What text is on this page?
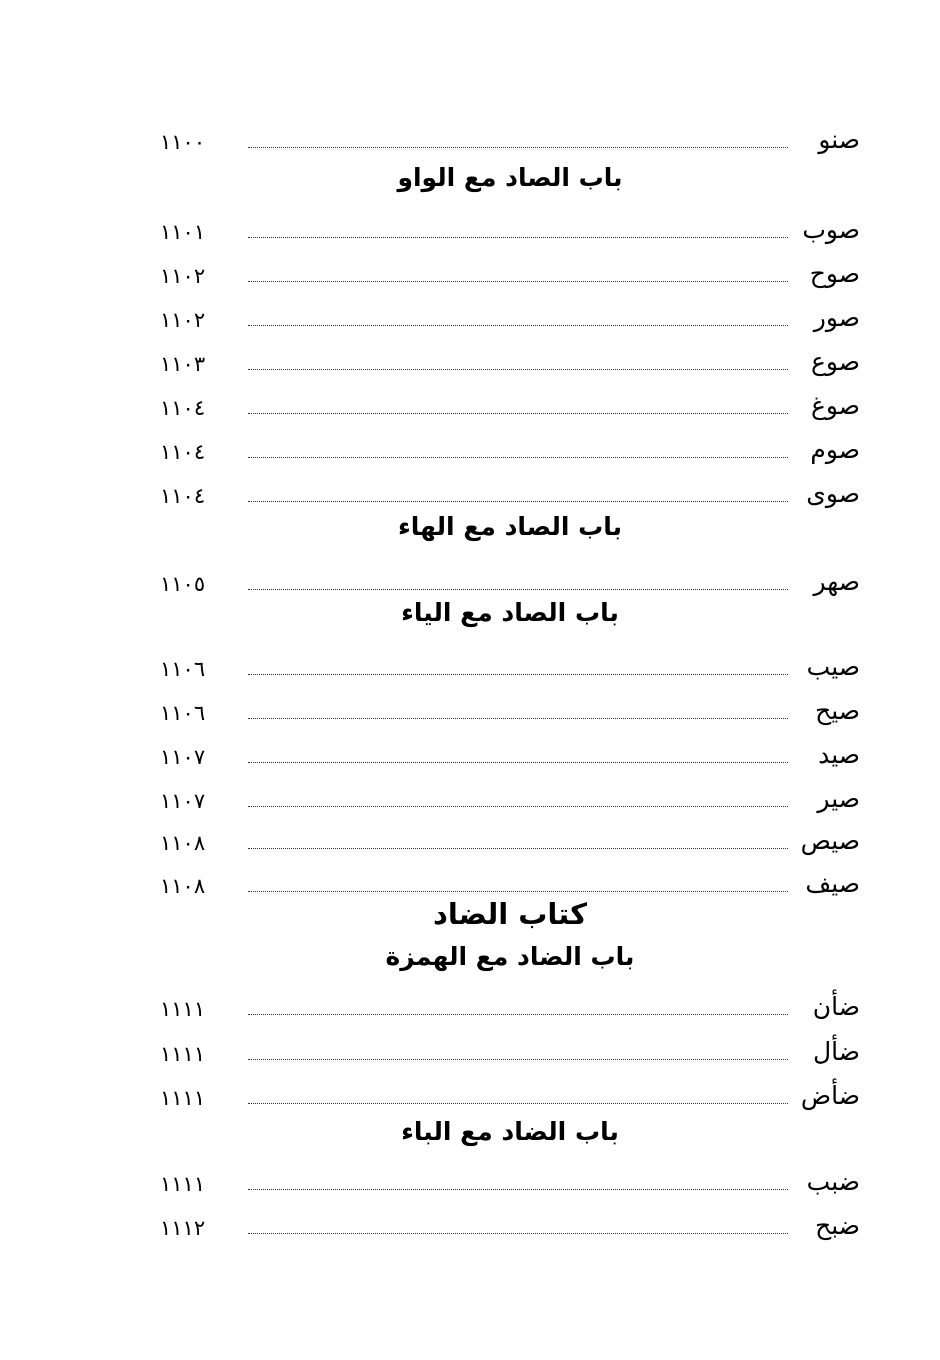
١١٠٠	صنو
باب الصاد مع الواو
١١٠١	صوب
١١٠٢	صوح
١١٠٢	صور
١١٠٣	صوع
١١٠٤	صوغ
١١٠٤	صوم
١١٠٤	صوى
باب الصاد مع الهاء
١١٠٥	صهر
باب الصاد مع الياء
١١٠٦	صيب
١١٠٦	صيح
١١٠٧	صيد
١١٠٧	صير
١١٠٨	صيص
١١٠٨	صيف
كتاب الضاد
باب الضاد مع الهمزة
١١١١	ضأن
١١١١	ضأل
١١١١	ضأض
باب الضاد مع الباء
١١١١	ضبب
١١١٢	ضبح
